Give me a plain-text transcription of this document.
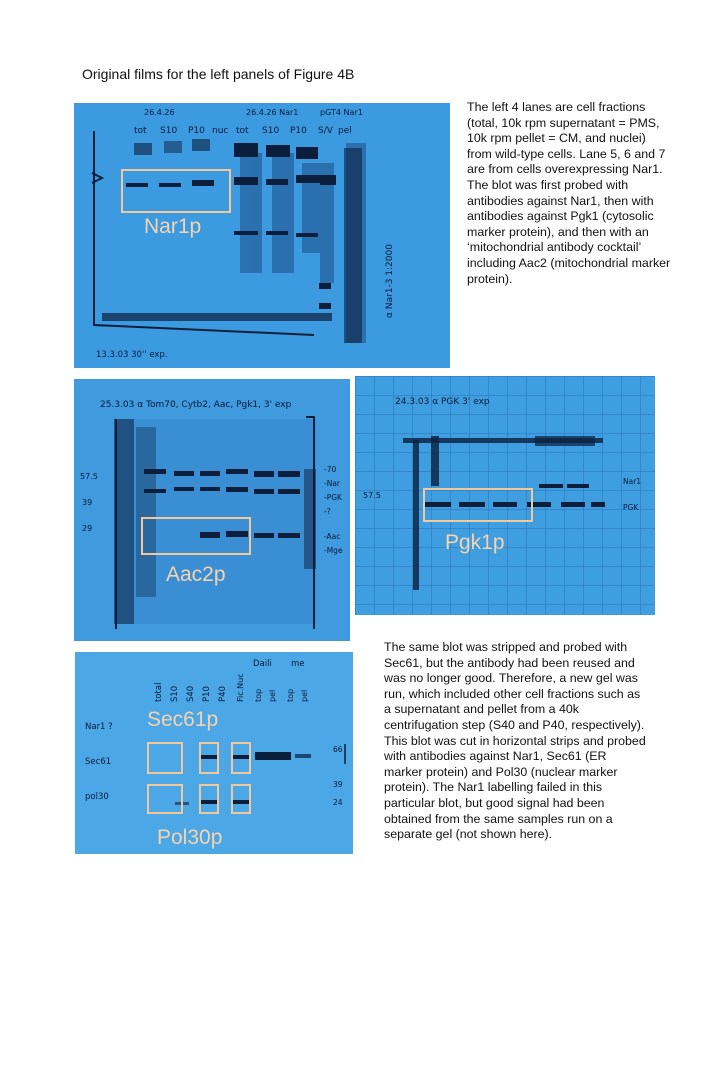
Original films for the left panels of Figure 4B
26.4.26	26.4.26 Nar1	pGT4 Nar1
tot S10 P10 nuc tot S10 P10 S/V pel
α Nar1-3 1:2000
13.3.03 30'' exp.
Nar1p

The left 4 lanes are cell fractions (total, 10k rpm supernatant = PMS, 10k rpm pellet = CM, and nuclei) from wild-type cells. Lane 5, 6 and 7 are from cells overexpressing Nar1.

The blot was first probed with antibodies against Nar1, then with antibodies against Pgk1 (cytosolic marker protein), and then with an ‘mitochondrial antibody cocktail’ including Aac2 (mitochondrial marker protein).

25.3.03 α Tom70, Cytb2, Aac, Pgk1, 3' exp
57.5
39
29
-70
-Nar
-PGK
-?
-Aac
-Mge
Aac2p
24.3.03 α PGK 3' exp
57.5
Nar1
PGK
Pgk1p
The same blot was stripped and probed with Sec61, but the antibody had been reused and was no longer good. Therefore, a new gel was run, which included other cell fractions such as a supernatant and pellet from a 40k centrifugation step (S40 and P40, respectively). This blot was cut in horizontal strips and probed with antibodies against Nar1, Sec61 (ER marker protein) and Pol30 (nuclear marker protein). The Nar1 labelling failed in this particular blot, but good signal had been obtained from the same samples run on a separate gel (not shown here).
total S10 S40 P10 P40 Fic.Nuc top pel top pel
Daili me
Nar1 ?
Sec61
pol30
66
39
24
Sec61p
Pol30p
